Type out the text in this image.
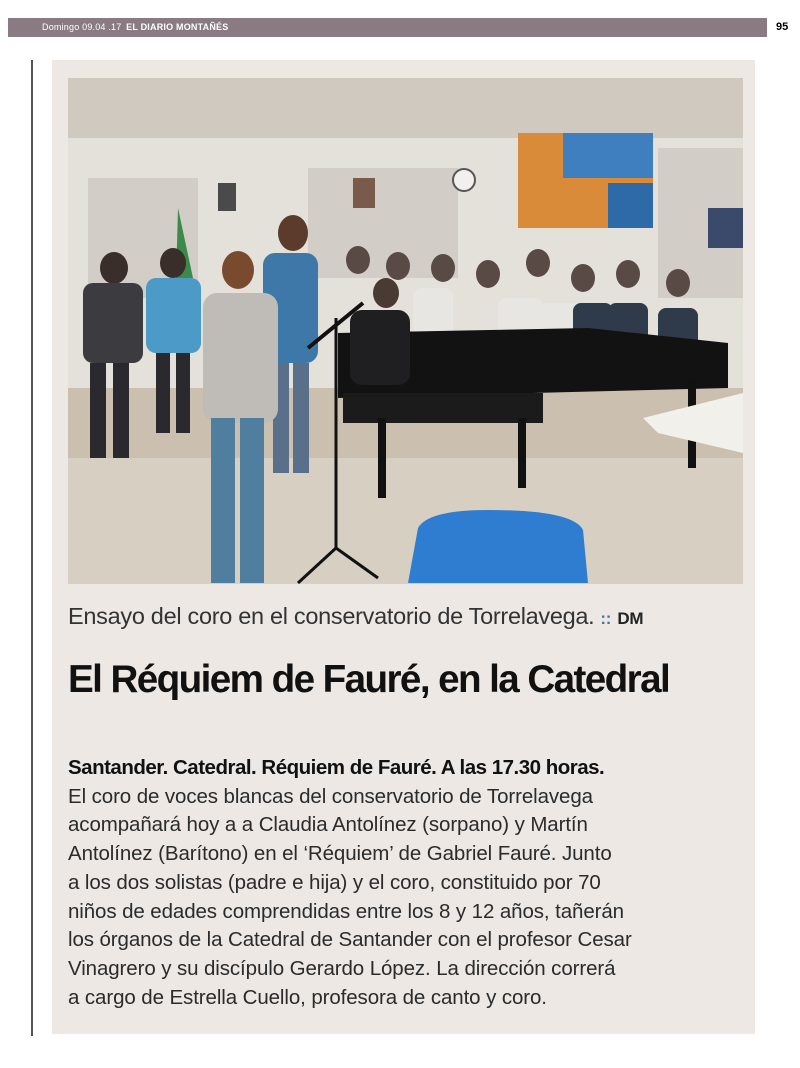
Domingo 09.04 .17 EL DIARIO MONTAÑÉS	95
Ensayo del coro en el conservatorio de Torrelavega. :: DM
El Réquiem de Fauré, en la Catedral
Santander. Catedral. Réquiem de Fauré. A las 17.30 horas.
El coro de voces blancas del conservatorio de Torrelavega
acompañará hoy a a Claudia Antolínez (sorpano) y Martín
Antolínez (Barítono) en el ‘Réquiem’ de Gabriel Fauré. Junto
a los dos solistas (padre e hija) y el coro, constituido por 70
niños de edades comprendidas entre los 8 y 12 años, tañerán
los órganos de la Catedral de Santander con el profesor Cesar
Vinagrero y su discípulo Gerardo López. La dirección correrá
a cargo de Estrella Cuello, profesora de canto y coro.
